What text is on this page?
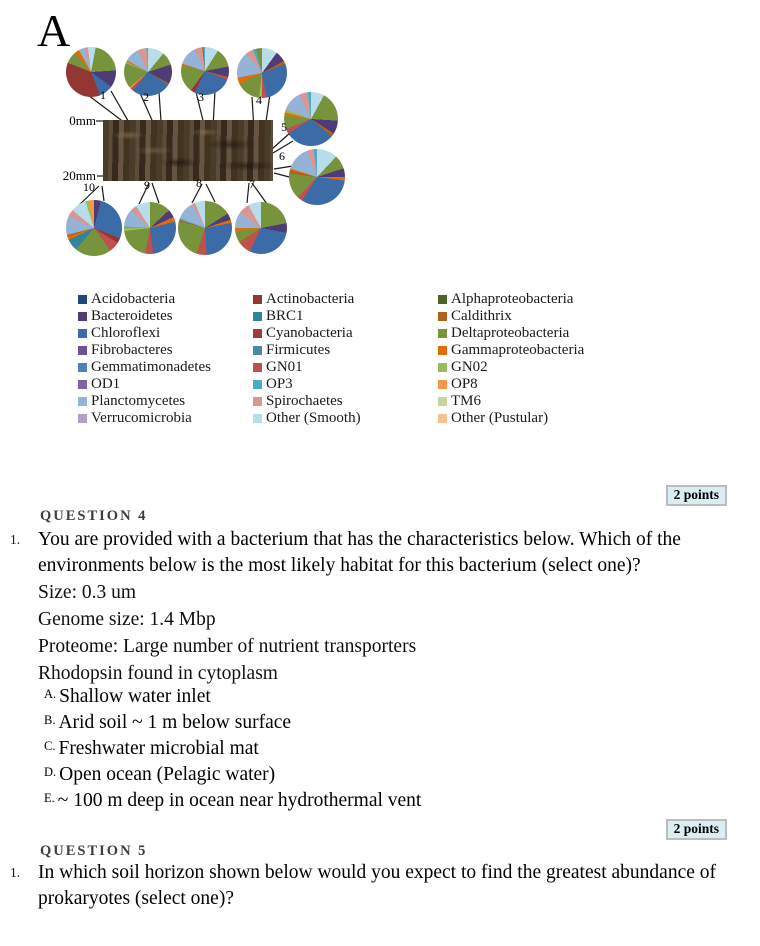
A
0mm
20mm
1	2	3	4
5
6
7
8
9
10
Acidobacteria
Bacteroidetes
Chloroflexi
Fibrobacteres
Gemmatimonadetes
OD1
Planctomycetes
Verrucomicrobia
Actinobacteria
BRC1
Cyanobacteria
Firmicutes
GN01
OP3
Spirochaetes
Other (Smooth)
Alphaproteobacteria
Caldithrix
Deltaproteobacteria
Gammaproteobacteria
GN02
OP8
TM6
Other (Pustular)
2 points
QUESTION 4
1. You are provided with a bacterium that has the characteristics below. Which of the environments below is the most likely habitat for this bacterium (select one)?
Size: 0.3 um
Genome size: 1.4 Mbp
Proteome: Large number of nutrient transporters
Rhodopsin found in cytoplasm
A. Shallow water inlet
B. Arid soil ~ 1 m below surface
C. Freshwater microbial mat
D. Open ocean (Pelagic water)
E. ~ 100 m deep in ocean near hydrothermal vent
2 points
QUESTION 5
1. In which soil horizon shown below would you expect to find the greatest abundance of prokaryotes (select one)?
